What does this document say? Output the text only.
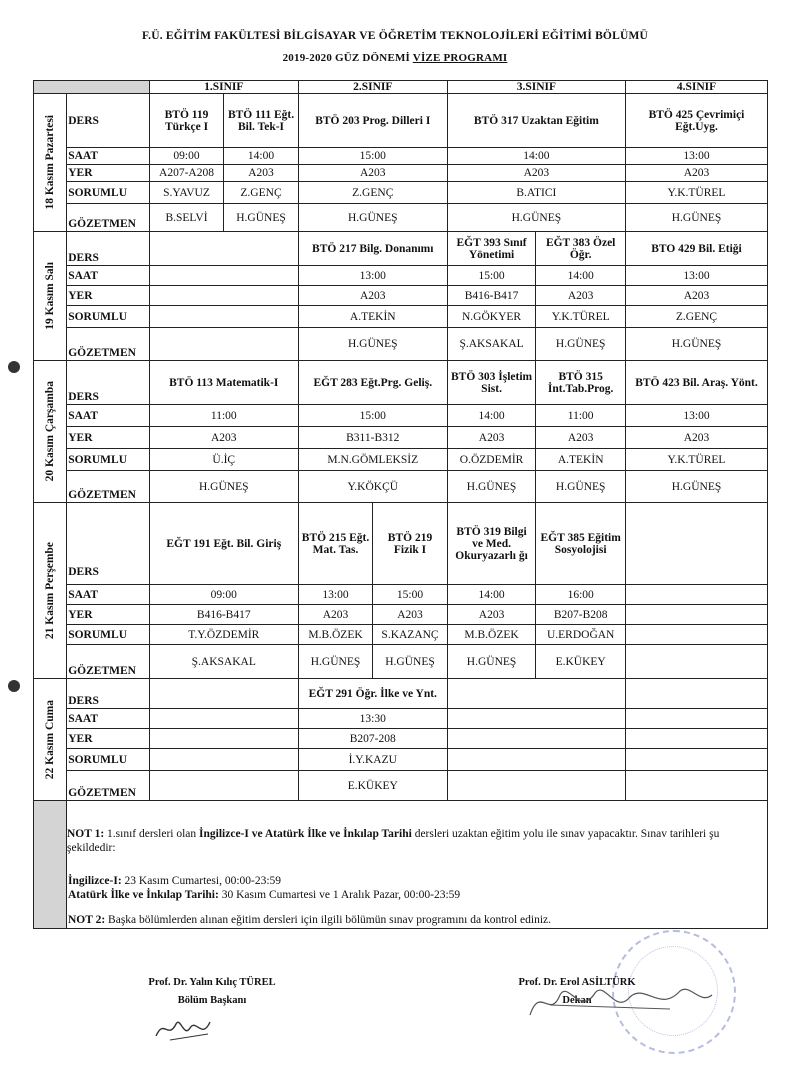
F.Ü. EĞİTİM FAKÜLTESİ BİLGİSAYAR VE ÖĞRETİM TEKNOLOJİLERİ EĞİTİMİ BÖLÜMÜ
2019-2020 GÜZ DÖNEMİ VİZE PROGRAMI
		1.SINIF		2.SINIF		3.SINIF		4.SINIF

18 Kasım Pazartesi	DERS	BTÖ 119 Türkçe I	BTÖ 111 Eğt. Bil. Tek-I	BTÖ 203 Prog. Dilleri I		BTÖ 317 Uzaktan Eğitim		BTÖ 425 Çevrimiçi Eğt.Uyg.
	SAAT	09:00	14:00	15:00		14:00		13:00
	YER	A207-A208	A203	A203		A203		A203
	SORUMLU	S.YAVUZ	Z.GENÇ	Z.GENÇ		B.ATICI		Y.K.TÜREL
	GÖZETMEN	B.SELVİ	H.GÜNEŞ	H.GÜNEŞ		H.GÜNEŞ		H.GÜNEŞ

19 Kasım Salı	DERS			BTÖ 217 Bilg. Donanımı		EĞT 393 Sınıf Yönetimi	EĞT 383 Özel Öğr.	BTO 429 Bil. Etiği
	SAAT			13:00		15:00	14:00	13:00
	YER			A203		B416-B417	A203	A203
	SORUMLU			A.TEKİN		N.GÖKYER	Y.K.TÜREL	Z.GENÇ
	GÖZETMEN			H.GÜNEŞ		Ş.AKSAKAL	H.GÜNEŞ	H.GÜNEŞ

20 Kasım Çarşamba	DERS	BTÖ 113 Matematik-I		EĞT 283 Eğt.Prg. Geliş.		BTÖ 303 İşletim Sist.	BTÖ 315 İnt.Tab.Prog.	BTÖ 423 Bil. Araş. Yönt.
	SAAT	11:00		15:00		14:00	11:00	13:00
	YER	A203		B311-B312		A203	A203	A203
	SORUMLU	Ü.İÇ		M.N.GÖMLEKSİZ		O.ÖZDEMİR	A.TEKİN	Y.K.TÜREL
	GÖZETMEN	H.GÜNEŞ		Y.KÖKÇÜ		H.GÜNEŞ	H.GÜNEŞ	H.GÜNEŞ

21 Kasım Perşembe	DERS	EĞT 191 Eğt. Bil. Giriş		BTÖ 215 Eğt. Mat. Tas.	BTÖ 219 Fizik I	BTÖ 319 Bilgi ve Med. Okuryazarlı ğı	EĞT 385 Eğitim Sosyolojisi	
	SAAT	09:00		13:00	15:00	14:00	16:00	
	YER	B416-B417		A203	A203	A203	B207-B208	
	SORUMLU	T.Y.ÖZDEMİR		M.B.ÖZEK	S.KAZANÇ	M.B.ÖZEK	U.ERDOĞAN	
	GÖZETMEN	Ş.AKSAKAL		H.GÜNEŞ	H.GÜNEŞ	H.GÜNEŞ	E.KÜKEY	

22 Kasım Cuma	DERS			EĞT 291 Öğr. İlke ve Ynt.				
	SAAT			13:30				
	YER			B207-208				
	SORUMLU			İ.Y.KAZU				
	GÖZETMEN			E.KÜKEY				

NOT 1: 1.sınıf dersleri olan İngilizce-I ve Atatürk İlke ve İnkılap Tarihi dersleri uzaktan eğitim yolu ile sınav yapacaktır. Sınav tarihleri şu şekildedir:

İngilizce-I: 23 Kasım Cumartesi, 00:00-23:59

Atatürk İlke ve İnkılap Tarihi: 30 Kasım Cumartesi ve 1 Aralık Pazar, 00:00-23:59

NOT 2: Başka bölümlerden alınan eğitim dersleri için ilgili bölümün sınav programını da kontrol ediniz.

Prof. Dr. Yalın Kılıç TÜREL
Bölüm Başkanı
Prof. Dr. Erol ASİLTÜRK
Dekan
